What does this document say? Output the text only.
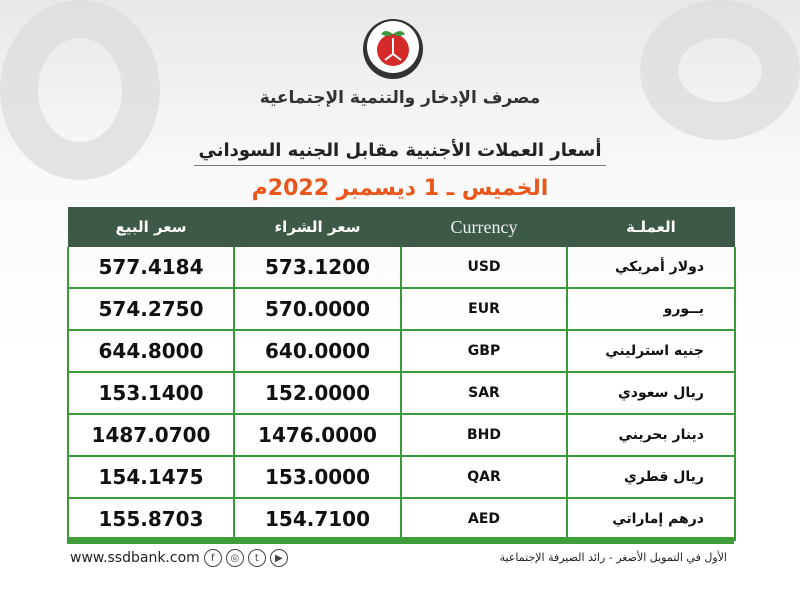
مصرف الإدخار والتنمية الإجتماعية
أسعار العملات الأجنبية مقابل الجنيه السوداني
الخميس ـ 1 ديسمبر 2022م
سعر البيع	سعر الشراء	Currency	العملـة
577.4184	573.1200	USD	دولار أمريكي
574.2750	570.0000	EUR	يــورو
644.8000	640.0000	GBP	جنيه استرليني
153.1400	152.0000	SAR	ريال سعودي
1487.0700	1476.0000	BHD	دينار بحريني
154.1475	153.0000	QAR	ريال قطري
155.8703	154.7100	AED	درهم إماراتي
www.ssdbank.com	f	◎	t	▶	الأول في التمويل الأصغر - رائد الصيرفة الإجتماعية
